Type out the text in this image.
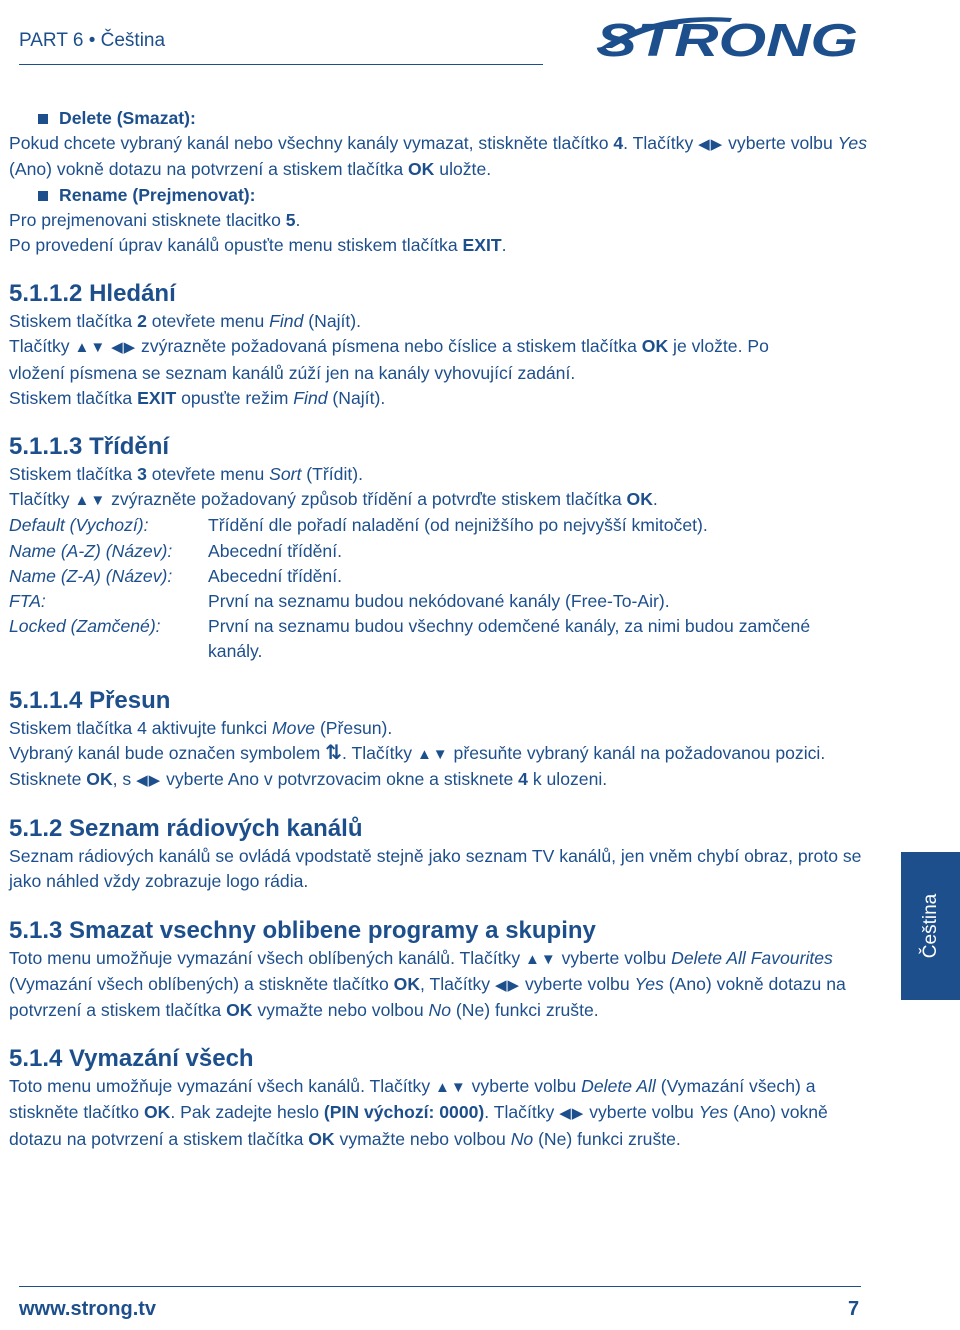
PART 6 • Čeština	STRONG
Delete (Smazat):

Pokud chcete vybraný kanál nebo všechny kanály vymazat, stiskněte tlačítko 4. Tlačítky ◀▶ vyberte volbu Yes (Ano) vokně dotazu na potvrzení a stiskem tlačítka OK uložte.

Rename (Prejmenovat):

Pro prejmenovani stisknete tlacitko 5.

Po provedení úprav kanálů opusťte menu stiskem tlačítka EXIT.

5.1.1.2 Hledání

Stiskem tlačítka 2 otevřete menu Find (Najít).

Tlačítky ▲▼ ◀▶ zvýrazněte požadovaná písmena nebo číslice a stiskem tlačítka OK je vložte. Po

vložení písmena se seznam kanálů zúží jen na kanály vyhovující zadání.

Stiskem tlačítka EXIT opusťte režim Find (Najít).

5.1.1.3 Třídění

Stiskem tlačítka 3 otevřete menu Sort (Třídit).

Tlačítky ▲▼ zvýrazněte požadovaný způsob třídění a potvrďte stiskem tlačítka OK.

Default (Vychozí):	Třídění dle pořadí naladění (od nejnižšího po nejvyšší kmitočet).
Name (A-Z) (Název):	Abecední třídění.
Name (Z-A) (Název):	Abecední třídění.
FTA:	První na seznamu budou nekódované kanály (Free-To-Air).
Locked (Zamčené):	První na seznamu budou všechny odemčené kanály, za nimi budou zamčené kanály.
5.1.1.4 Přesun

Stiskem tlačítka 4 aktivujte funkci Move (Přesun).

Vybraný kanál bude označen symbolem ⇅. Tlačítky ▲▼ přesuňte vybraný kanál na požadovanou pozici.

Stisknete OK, s ◀▶ vyberte Ano v potvrzovacim okne a stisknete 4 k ulozeni.

5.1.2 Seznam rádiových kanálů

Seznam rádiových kanálů se ovládá vpodstatě stejně jako seznam TV kanálů, jen vněm chybí obraz, proto se jako náhled vždy zobrazuje logo rádia.

5.1.3 Smazat vsechny oblibene programy a skupiny

Toto menu umožňuje vymazání všech oblíbených kanálů. Tlačítky ▲▼ vyberte volbu Delete All Favourites (Vymazání všech oblíbených) a stiskněte tlačítko OK, Tlačítky ◀▶ vyberte volbu Yes (Ano) vokně dotazu na potvrzení a stiskem tlačítka OK vymažte nebo volbou No (Ne) funkci zrušte.

5.1.4 Vymazání všech

Toto menu umožňuje vymazání všech kanálů. Tlačítky ▲▼ vyberte volbu Delete All (Vymazání všech) a stiskněte tlačítko OK. Pak zadejte heslo (PIN výchozí: 0000). Tlačítky ◀▶ vyberte volbu Yes (Ano) vokně dotazu na potvrzení a stiskem tlačítka OK vymažte nebo volbou No (Ne) funkci zrušte.

Čeština
www.strong.tv	7
